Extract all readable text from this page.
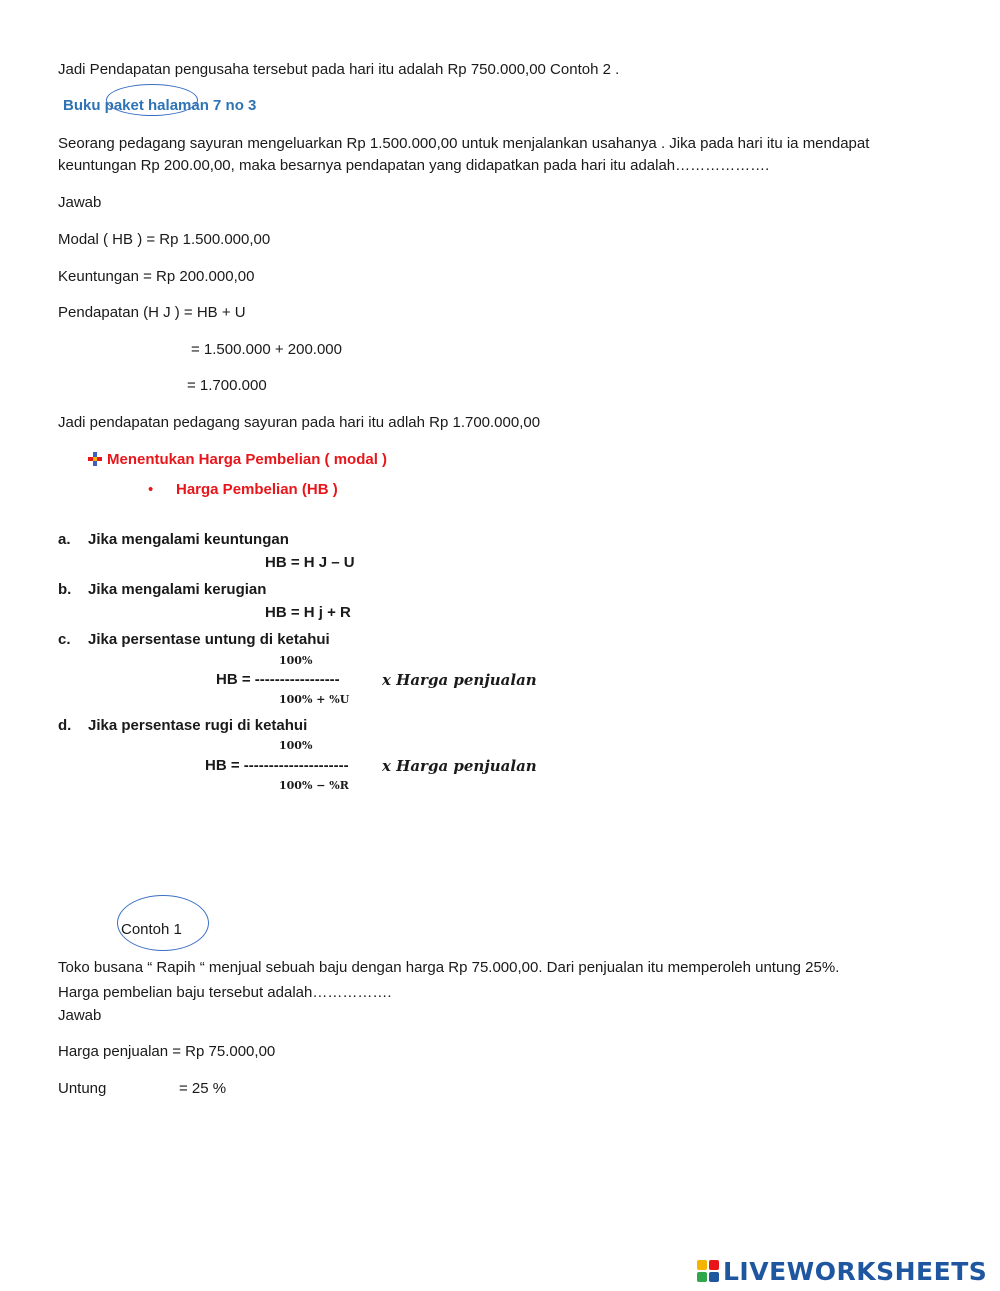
Jadi Pendapatan pengusaha tersebut pada hari itu adalah Rp 750.000,00 Contoh 2 .
Buku paket halaman 7 no 3
Seorang pedagang sayuran mengeluarkan Rp 1.500.000,00 untuk menjalankan usahanya . Jika pada hari itu ia mendapat
keuntungan Rp 200.00,00, maka besarnya pendapatan yang didapatkan pada hari itu adalah……………….
Jawab
Modal ( HB ) = Rp 1.500.000,00
Keuntungan = Rp 200.000,00
Pendapatan (H J ) = HB + U
= 1.500.000 + 200.000
= 1.700.000
Jadi pendapatan pedagang sayuran pada hari itu adlah Rp 1.700.000,00
Menentukan Harga Pembelian ( modal )
• Harga Pembelian (HB )
a. Jika mengalami keuntungan
HB = H J – U
b. Jika mengalami kerugian
HB = H j + R
c. Jika persentase untung di ketahui
100%
HB = -----------------	x Harga penjualan
100% + %U
d. Jika persentase rugi di ketahui
100%
HB = --------------------- x Harga penjualan
100% − %R
Contoh 1
Toko busana “ Rapih “ menjual sebuah baju dengan harga Rp 75.000,00. Dari penjualan itu memperoleh untung 25%.
Harga pembelian baju tersebut adalah…………….
Jawab
Harga penjualan = Rp 75.000,00
Untung	= 25 %
LIVEWORKSHEETS
